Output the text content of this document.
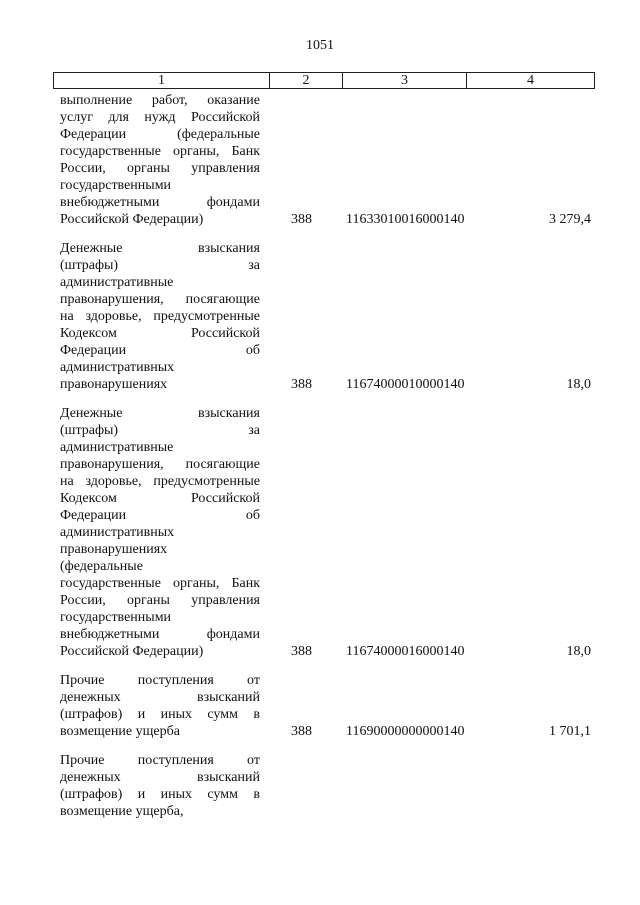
1051
1	2	3	4
выполнение работ, оказание
услуг для нужд Российской
Федерации (федеральные
государственные органы, Банк
России, органы управления
государственными
внебюджетными фондами
Российской Федерации)	388	11633010016000140	3 279,4
Денежные взыскания
(штрафы) за
административные
правонарушения, посягающие
на здоровье, предусмотренные
Кодексом Российской
Федерации об
административных
правонарушениях	388	11674000010000140	18,0
Денежные взыскания
(штрафы) за
административные
правонарушения, посягающие
на здоровье, предусмотренные
Кодексом Российской
Федерации об
административных
правонарушениях
(федеральные
государственные органы, Банк
России, органы управления
государственными
внебюджетными фондами
Российской Федерации)	388	11674000016000140	18,0
Прочие поступления от
денежных взысканий
(штрафов) и иных сумм в
возмещение ущерба	388	11690000000000140	1 701,1
Прочие поступления от
денежных взысканий
(штрафов) и иных сумм в
возмещение ущерба,
